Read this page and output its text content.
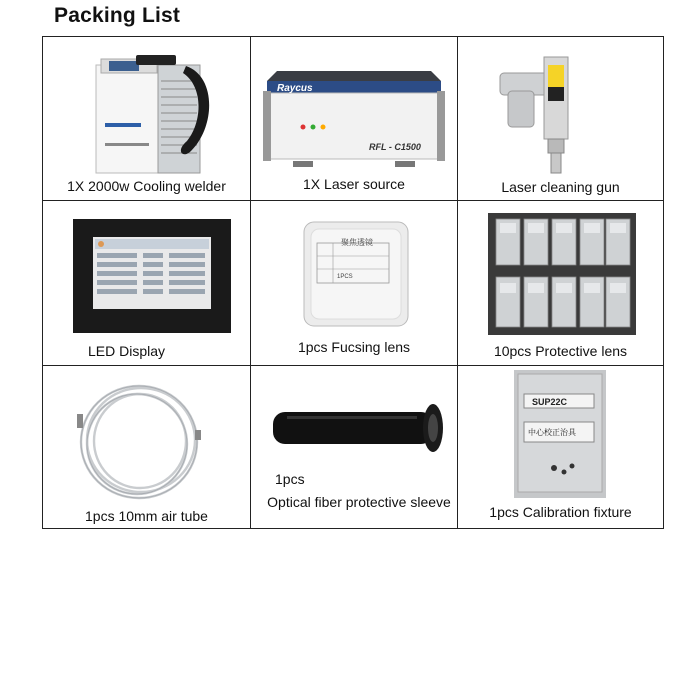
Packing List
1X 2000w Cooling welder
Raycus
RFL - C1500
1X Laser source	Laser cleaning gun
LED Display
聚焦透镜
1PCS
1pcs Fucsing lens	10pcs Protective lens
1pcs 10mm air tube
1pcs
Optical fiber protective sleeve
SUP22C
中心校正治具
1pcs Calibration fixture
